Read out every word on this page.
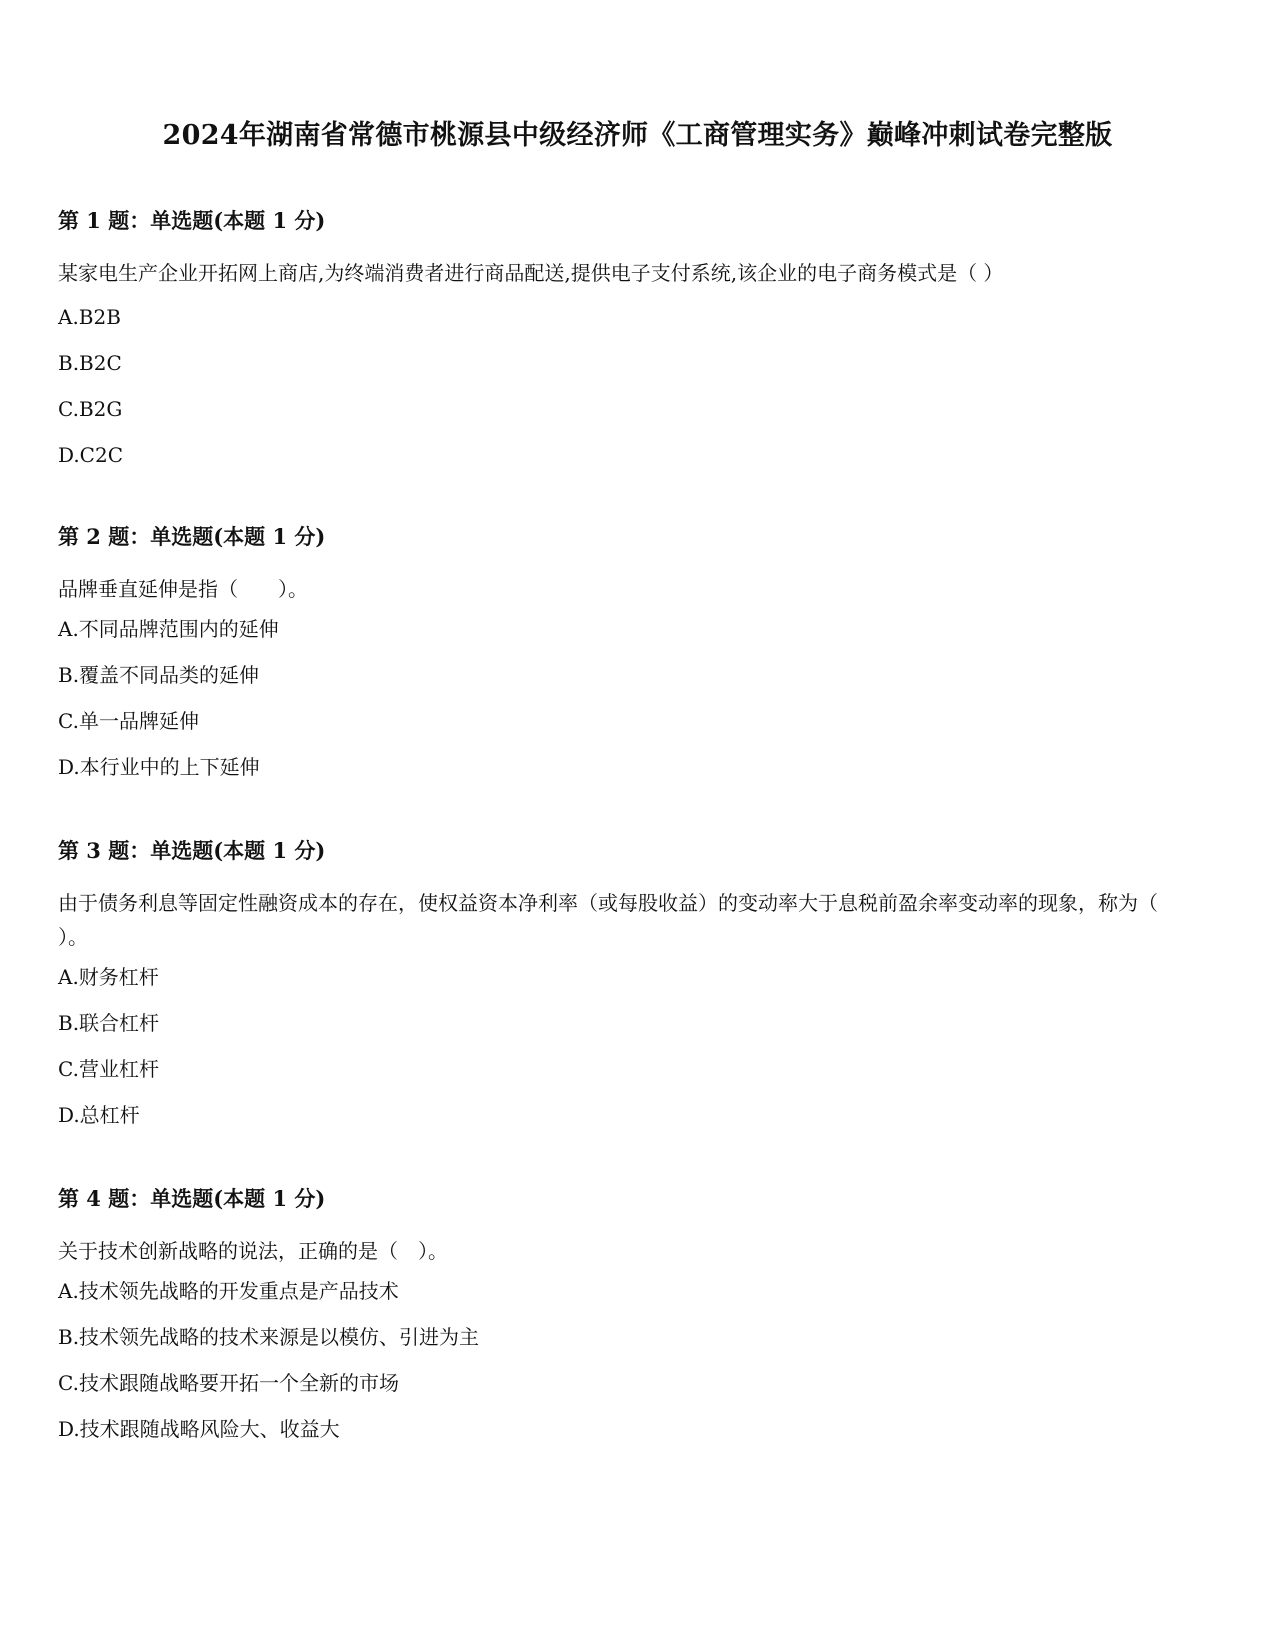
2024年湖南省常德市桃源县中级经济师《工商管理实务》巅峰冲刺试卷完整版
第 1 题：单选题(本题 1 分)
某家电生产企业开拓网上商店,为终端消费者进行商品配送,提供电子支付系统,该企业的电子商务模式是（ ）
A.B2B
B.B2C
C.B2G
D.C2C
第 2 题：单选题(本题 1 分)
品牌垂直延伸是指（　　）。
A.不同品牌范围内的延伸
B.覆盖不同品类的延伸
C.单一品牌延伸
D.本行业中的上下延伸
第 3 题：单选题(本题 1 分)
由于债务利息等固定性融资成本的存在，使权益资本净利率（或每股收益）的变动率大于息税前盈余率变动率的现象，称为（ ）。
A.财务杠杆
B.联合杠杆
C.营业杠杆
D.总杠杆
第 4 题：单选题(本题 1 分)
关于技术创新战略的说法，正确的是（　）。
A.技术领先战略的开发重点是产品技术
B.技术领先战略的技术来源是以模仿、引进为主
C.技术跟随战略要开拓一个全新的市场
D.技术跟随战略风险大、收益大
